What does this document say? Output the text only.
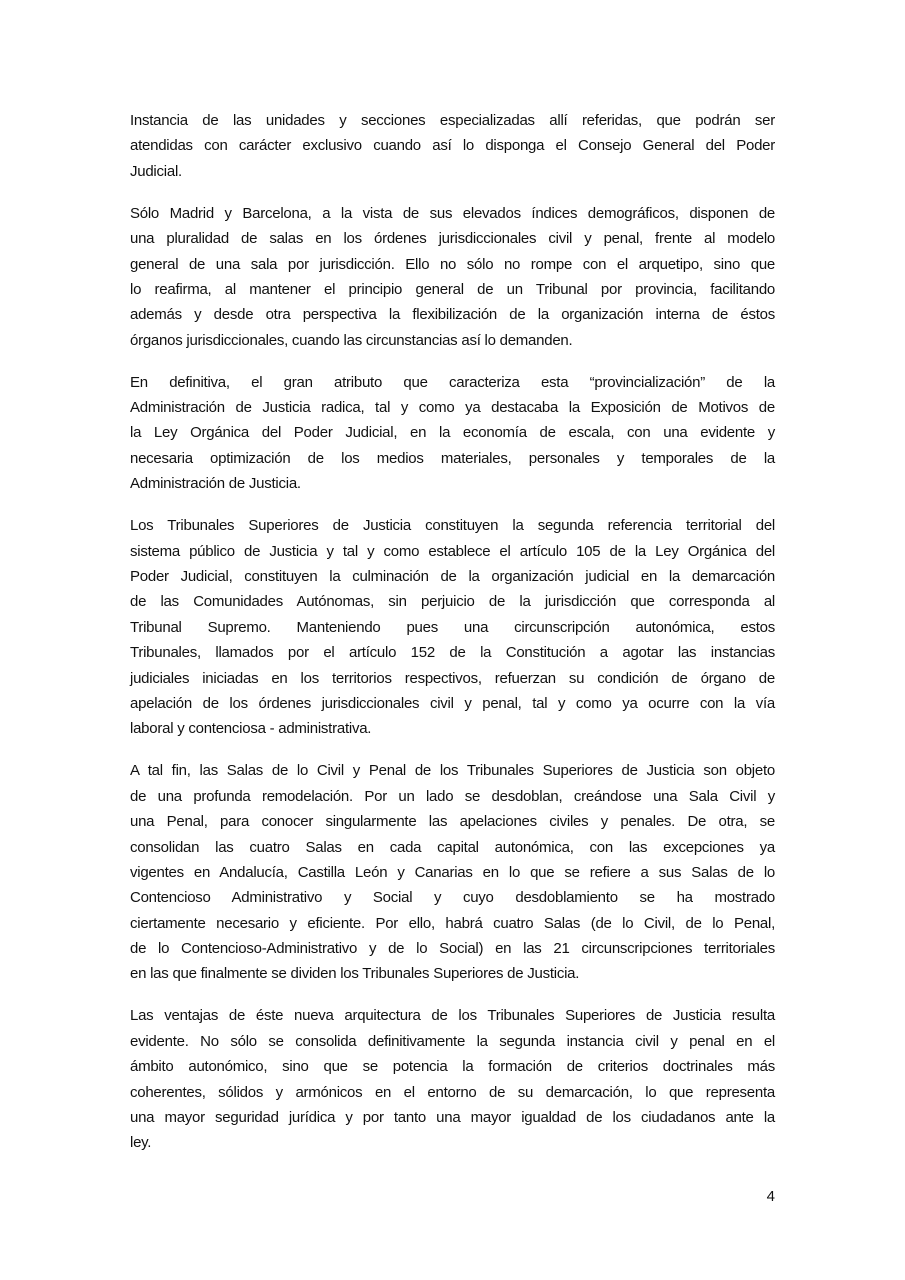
Instancia de las unidades y secciones especializadas allí referidas, que podrán ser
atendidas con carácter exclusivo cuando así lo disponga el Consejo General del Poder
Judicial.
Sólo Madrid y Barcelona, a la vista de sus elevados índices demográficos, disponen de
una pluralidad de salas en los órdenes jurisdiccionales civil y penal, frente al modelo
general de una sala por jurisdicción. Ello no sólo no rompe con el arquetipo, sino que
lo reafirma, al mantener el principio general de un Tribunal por provincia, facilitando
además y desde otra perspectiva la flexibilización de la organización interna de éstos
órganos jurisdiccionales, cuando las circunstancias así lo demanden.
En definitiva, el gran atributo que caracteriza esta “provincialización” de la
Administración de Justicia radica, tal y como ya destacaba la Exposición de Motivos de
la Ley Orgánica del Poder Judicial, en la economía de escala, con una evidente y
necesaria optimización de los medios materiales, personales y temporales de la
Administración de Justicia.
Los Tribunales Superiores de Justicia constituyen la segunda referencia territorial del
sistema público de Justicia y tal y como establece el artículo 105 de la Ley Orgánica del
Poder Judicial, constituyen la culminación de la organización judicial en la demarcación
de las Comunidades Autónomas, sin perjuicio de la jurisdicción que corresponda al
Tribunal Supremo. Manteniendo pues una circunscripción autonómica, estos
Tribunales, llamados por el artículo 152 de la Constitución a agotar las instancias
judiciales iniciadas en los territorios respectivos, refuerzan su condición de órgano de
apelación de los órdenes jurisdiccionales civil y penal, tal y como ya ocurre con la vía
laboral y contenciosa - administrativa.
A tal fin, las Salas de lo Civil y Penal de los Tribunales Superiores de Justicia son objeto
de una profunda remodelación. Por un lado se desdoblan, creándose una Sala Civil y
una Penal, para conocer singularmente las apelaciones civiles y penales. De otra, se
consolidan las cuatro Salas en cada capital autonómica, con las excepciones ya
vigentes en Andalucía, Castilla León y Canarias en lo que se refiere a sus Salas de lo
Contencioso Administrativo y Social y cuyo desdoblamiento se ha mostrado
ciertamente necesario y eficiente. Por ello, habrá cuatro Salas (de lo Civil, de lo Penal,
de lo Contencioso-Administrativo y de lo Social) en las 21 circunscripciones territoriales
en las que finalmente se dividen los Tribunales Superiores de Justicia.
Las ventajas de éste nueva arquitectura de los Tribunales Superiores de Justicia resulta
evidente. No sólo se consolida definitivamente la segunda instancia civil y penal en el
ámbito autonómico, sino que se potencia la formación de criterios doctrinales más
coherentes, sólidos y armónicos en el entorno de su demarcación, lo que representa
una mayor seguridad jurídica y por tanto una mayor igualdad de los ciudadanos ante la
ley.
4
